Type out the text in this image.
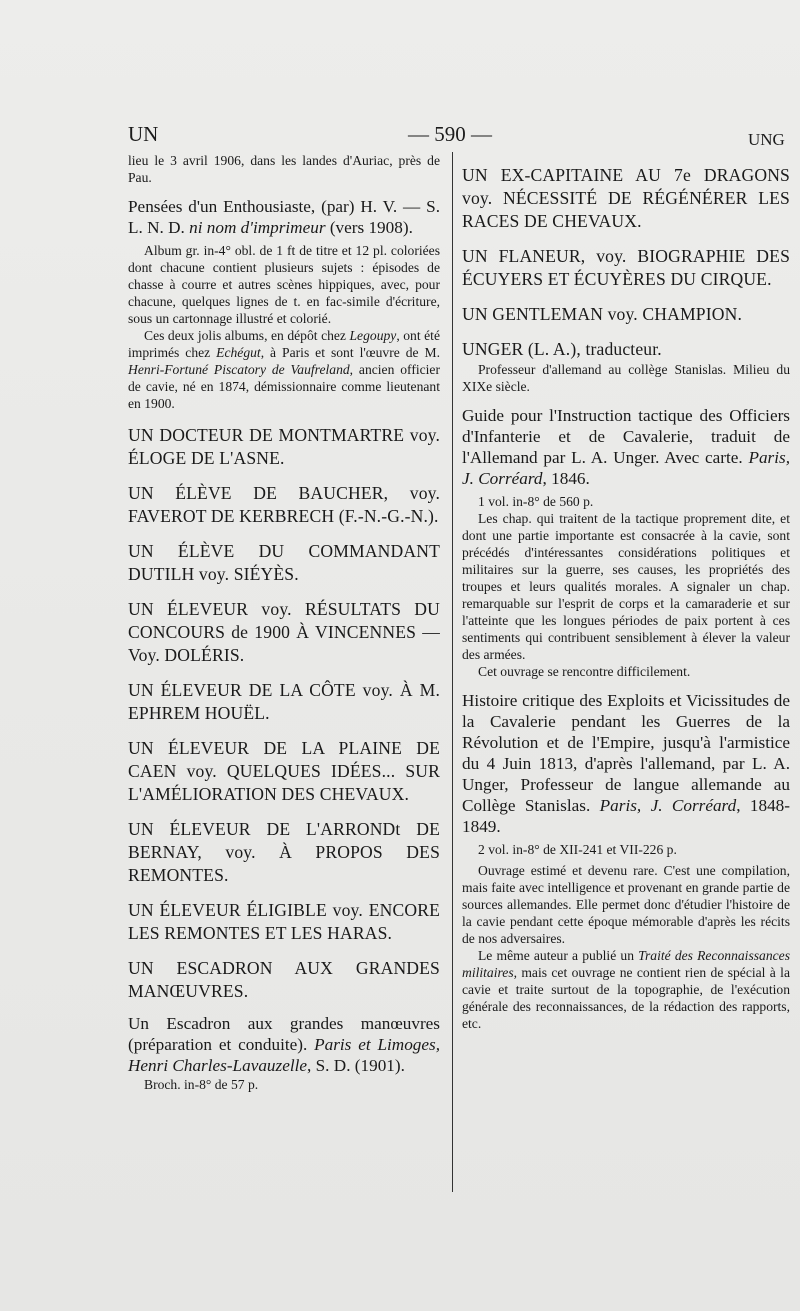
UN	— 590 —	UNG

lieu le 3 avril 1906, dans les landes d'Auriac, près de Pau.

Pensées d'un Enthousiaste, (par) H. V. — S. L. N. D. ni nom d'imprimeur (vers 1908).

Album gr. in-4° obl. de 1 ft de titre et 12 pl. coloriées dont chacune contient plusieurs sujets : épisodes de chasse à courre et autres scènes hippiques, avec, pour chacune, quelques lignes de t. en fac-simile d'écriture, sous un cartonnage illustré et colorié.

Ces deux jolis albums, en dépôt chez Legoupy, ont été imprimés chez Echégut, à Paris et sont l'œuvre de M. Henri-Fortuné Piscatory de Vaufreland, ancien officier de cavie, né en 1874, démissionnaire comme lieutenant en 1900.

UN DOCTEUR DE MONTMARTRE voy. ÉLOGE DE L'ASNE.

UN ÉLÈVE DE BAUCHER, voy. FAVEROT DE KERBRECH (F.-N.-G.-N.).

UN ÉLÈVE DU COMMANDANT DUTILH voy. SIÉYÈS.

UN ÉLEVEUR voy. RÉSULTATS DU CONCOURS de 1900 À VINCENNES — Voy. DOLÉRIS.

UN ÉLEVEUR DE LA CÔTE voy. À M. EPHREM HOUËL.

UN ÉLEVEUR DE LA PLAINE DE CAEN voy. QUELQUES IDÉES... SUR L'AMÉLIORATION DES CHEVAUX.

UN ÉLEVEUR DE L'ARRONDt DE BERNAY, voy. À PROPOS DES REMONTES.

UN ÉLEVEUR ÉLIGIBLE voy. ENCORE LES REMONTES ET LES HARAS.

UN ESCADRON AUX GRANDES MANŒUVRES.

Un Escadron aux grandes manœuvres (préparation et conduite). Paris et Limoges, Henri Charles-Lavauzelle, S. D. (1901).

Broch. in-8° de 57 p.

UN EX-CAPITAINE AU 7e DRAGONS voy. NÉCESSITÉ DE RÉGÉNÉRER LES RACES DE CHEVAUX.

UN FLANEUR, voy. BIOGRAPHIE DES ÉCUYERS ET ÉCUYÈRES DU CIRQUE.

UN GENTLEMAN voy. CHAMPION.

UNGER (L. A.), traducteur.

Professeur d'allemand au collège Stanislas. Milieu du XIXe siècle.

Guide pour l'Instruction tactique des Officiers d'Infanterie et de Cavalerie, traduit de l'Allemand par L. A. Unger. Avec carte. Paris, J. Corréard, 1846.

1 vol. in-8° de 560 p.

Les chap. qui traitent de la tactique proprement dite, et dont une partie importante est consacrée à la cavie, sont précédés d'intéressantes considérations politiques et militaires sur la guerre, ses causes, les propriétés des troupes et leurs qualités morales. A signaler un chap. remarquable sur l'esprit de corps et la camaraderie et sur l'atteinte que les longues périodes de paix portent à ces sentiments qui contribuent sensiblement à élever la valeur des armées.

Cet ouvrage se rencontre difficilement.

Histoire critique des Exploits et Vicissitudes de la Cavalerie pendant les Guerres de la Révolution et de l'Empire, jusqu'à l'armistice du 4 Juin 1813, d'après l'allemand, par L. A. Unger, Professeur de langue allemande au Collège Stanislas. Paris, J. Corréard, 1848-1849.

2 vol. in-8° de XII-241 et VII-226 p.

Ouvrage estimé et devenu rare. C'est une compilation, mais faite avec intelligence et provenant en grande partie de sources allemandes. Elle permet donc d'étudier l'histoire de la cavie pendant cette époque mémorable d'après les récits de nos adversaires.

Le même auteur a publié un Traité des Reconnaissances militaires, mais cet ouvrage ne contient rien de spécial à la cavie et traite surtout de la topographie, de l'exécution générale des reconnaissances, de la rédaction des rapports, etc.
